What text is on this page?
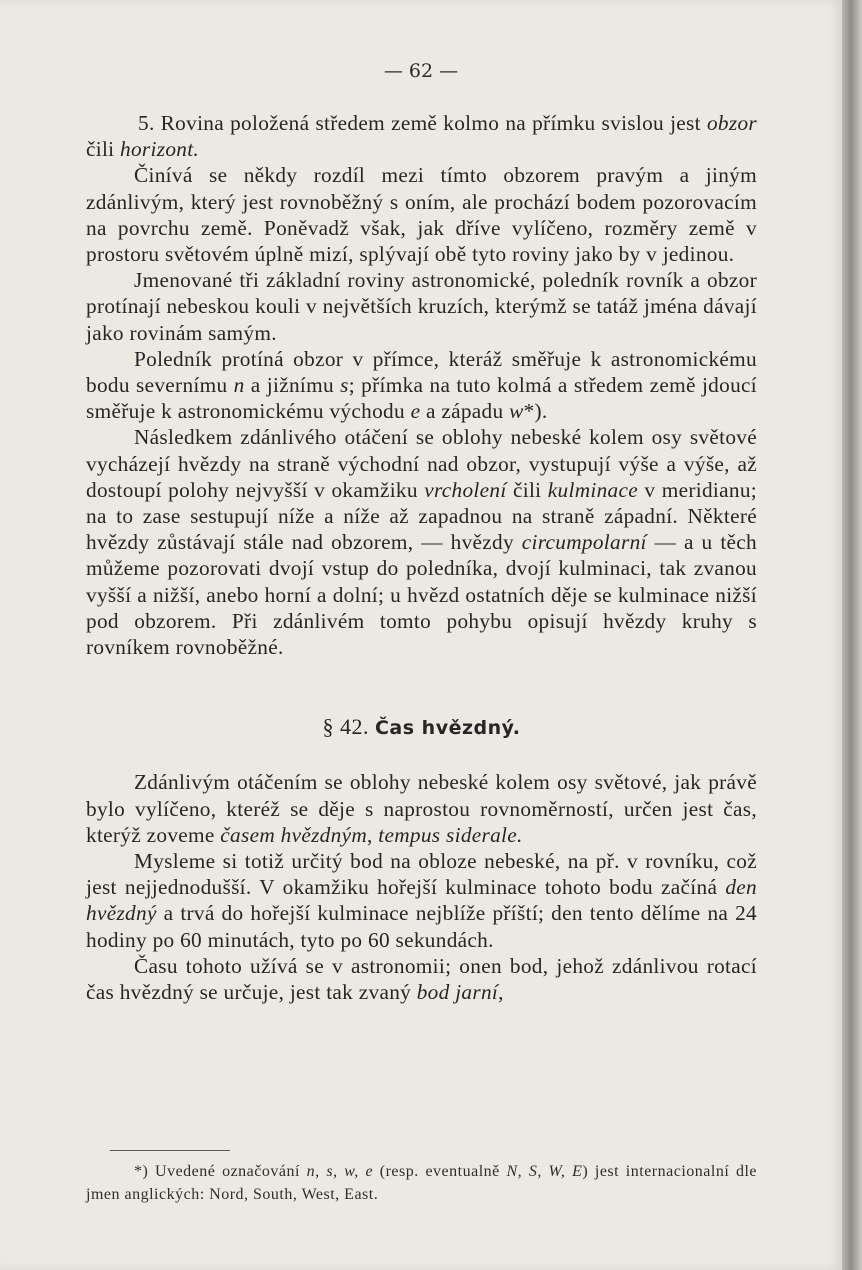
— 62 —

5. Rovina položená středem země kolmo na přímku svislou jest obzor čili horizont.

Činívá se někdy rozdíl mezi tímto obzorem pravým a jiným zdánlivým, který jest rovnoběžný s oním, ale prochází bodem pozorovacím na povrchu země. Poněvadž však, jak dříve vylíčeno, rozměry země v prostoru světovém úplně mizí, splývají obě tyto roviny jako by v jedinou.

Jmenované tři základní roviny astronomické, poledník rovník a obzor protínají nebeskou kouli v největších kruzích, kterýmž se tatáž jména dávají jako rovinám samým.

Poledník protíná obzor v přímce, kteráž směřuje k astronomickému bodu severnímu n a jižnímu s; přímka na tuto kolmá a středem země jdoucí směřuje k astronomickému východu e a západu w*).

Následkem zdánlivého otáčení se oblohy nebeské kolem osy světové vycházejí hvězdy na straně východní nad obzor, vystupují výše a výše, až dostoupí polohy nejvyšší v okamžiku vrcholení čili kulminace v meridianu; na to zase sestupují níže a níže až zapadnou na straně západní. Některé hvězdy zůstávají stále nad obzorem, — hvězdy circumpolarní — a u těch můžeme pozorovati dvojí vstup do poledníka, dvojí kulminaci, tak zvanou vyšší a nižší, anebo horní a dolní; u hvězd ostatních děje se kulminace nižší pod obzorem. Při zdánlivém tomto pohybu opisují hvězdy kruhy s rovníkem rovnoběžné.

§ 42. Čas hvězdný.

Zdánlivým otáčením se oblohy nebeské kolem osy světové, jak právě bylo vylíčeno, kteréž se děje s naprostou rovnoměrností, určen jest čas, kterýž zoveme časem hvězdným, tempus siderale.

Mysleme si totiž určitý bod na obloze nebeské, na př. v rovníku, což jest nejjednodušší. V okamžiku hořejší kulminace tohoto bodu začíná den hvězdný a trvá do hořejší kulminace nejblíže příští; den tento dělíme na 24 hodiny po 60 minutách, tyto po 60 sekundách.

Času tohoto užívá se v astronomii; onen bod, jehož zdánlivou rotací čas hvězdný se určuje, jest tak zvaný bod jarní,

*) Uvedené označování n, s, w, e (resp. eventualně N, S, W, E) jest internacionalní dle jmen anglických: Nord, South, West, East.
